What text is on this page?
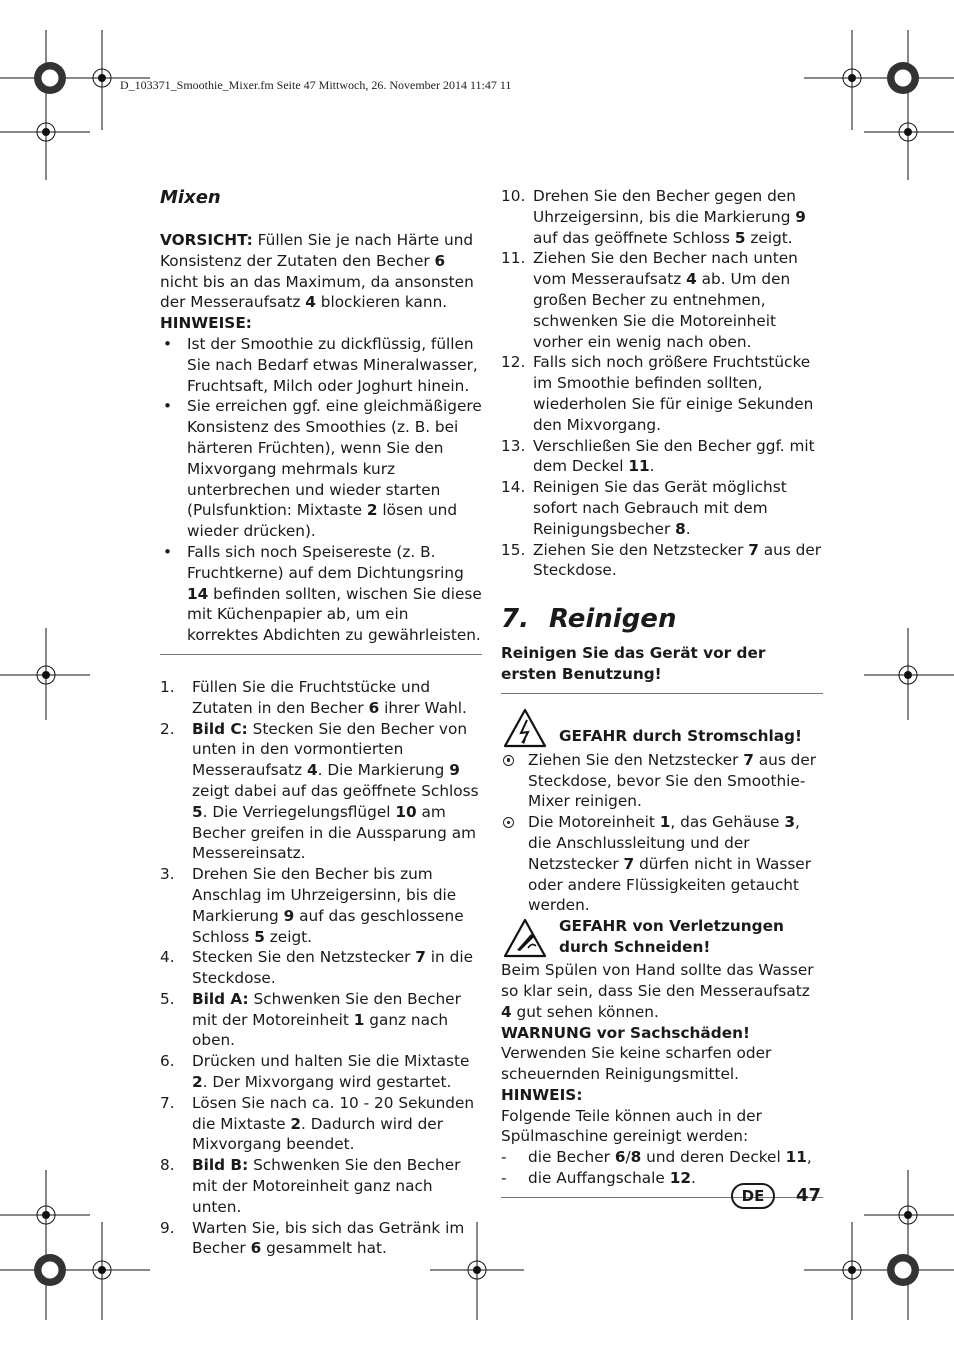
D_103371_Smoothie_Mixer.fm Seite 47 Mittwoch, 26. November 2014 11:47 11
Mixen

VORSICHT: Füllen Sie je nach Härte und Konsistenz der Zutaten den Becher 6 nicht bis an das Maximum, da ansonsten der Messeraufsatz 4 blockieren kann.

HINWEISE:

• Ist der Smoothie zu dickflüssig, füllen Sie nach Bedarf etwas Mineralwasser, Fruchtsaft, Milch oder Joghurt hinein.
• Sie erreichen ggf. eine gleichmäßigere Konsistenz des Smoothies (z. B. bei härteren Früchten), wenn Sie den Mixvorgang mehrmals kurz unterbrechen und wieder starten (Pulsfunktion: Mixtaste 2 lösen und wieder drücken).
• Falls sich noch Speisereste (z. B. Fruchtkerne) auf dem Dichtungsring 14 befinden sollten, wischen Sie diese mit Küchenpapier ab, um ein korrektes Abdichten zu gewährleisten.
1. Füllen Sie die Fruchtstücke und Zutaten in den Becher 6 ihrer Wahl.
2. Bild C: Stecken Sie den Becher von unten in den vormontierten Messeraufsatz 4. Die Markierung 9 zeigt dabei auf das geöffnete Schloss 5. Die Verriegelungsflügel 10 am Becher greifen in die Aussparung am Messereinsatz.
3. Drehen Sie den Becher bis zum Anschlag im Uhrzeigersinn, bis die Markierung 9 auf das geschlossene Schloss 5 zeigt.
4. Stecken Sie den Netzstecker 7 in die Steckdose.
5. Bild A: Schwenken Sie den Becher mit der Motoreinheit 1 ganz nach oben.
6. Drücken und halten Sie die Mixtaste 2. Der Mixvorgang wird gestartet.
7. Lösen Sie nach ca. 10 - 20 Sekunden die Mixtaste 2. Dadurch wird der Mixvorgang beendet.
8. Bild B: Schwenken Sie den Becher mit der Motoreinheit ganz nach unten.
9. Warten Sie, bis sich das Getränk im Becher 6 gesammelt hat.
10. Drehen Sie den Becher gegen den Uhrzeigersinn, bis die Markierung 9 auf das geöffnete Schloss 5 zeigt.
11. Ziehen Sie den Becher nach unten vom Messeraufsatz 4 ab. Um den großen Becher zu entnehmen, schwenken Sie die Motoreinheit vorher ein wenig nach oben.
12. Falls sich noch größere Fruchtstücke im Smoothie befinden sollten, wiederholen Sie für einige Sekunden den Mixvorgang.
13. Verschließen Sie den Becher ggf. mit dem Deckel 11.
14. Reinigen Sie das Gerät möglichst sofort nach Gebrauch mit dem Reinigungsbecher 8.
15. Ziehen Sie den Netzstecker 7 aus der Steckdose.
7. Reinigen

Reinigen Sie das Gerät vor der ersten Benutzung!

GEFAHR durch Stromschlag!
Ziehen Sie den Netzstecker 7 aus der Steckdose, bevor Sie den Smoothie-Mixer reinigen.
Die Motoreinheit 1, das Gehäuse 3, die Anschlussleitung und der Netzstecker 7 dürfen nicht in Wasser oder andere Flüssigkeiten getaucht werden.
GEFAHR von Verletzungen durch Schneiden!

Beim Spülen von Hand sollte das Wasser so klar sein, dass Sie den Messeraufsatz 4 gut sehen können.

WARNUNG vor Sachschäden!

Verwenden Sie keine scharfen oder scheuernden Reinigungsmittel.

HINWEIS:

Folgende Teile können auch in der Spülmaschine gereinigt werden:

- die Becher 6/8 und deren Deckel 11,
- die Auffangschale 12.
DE	47
